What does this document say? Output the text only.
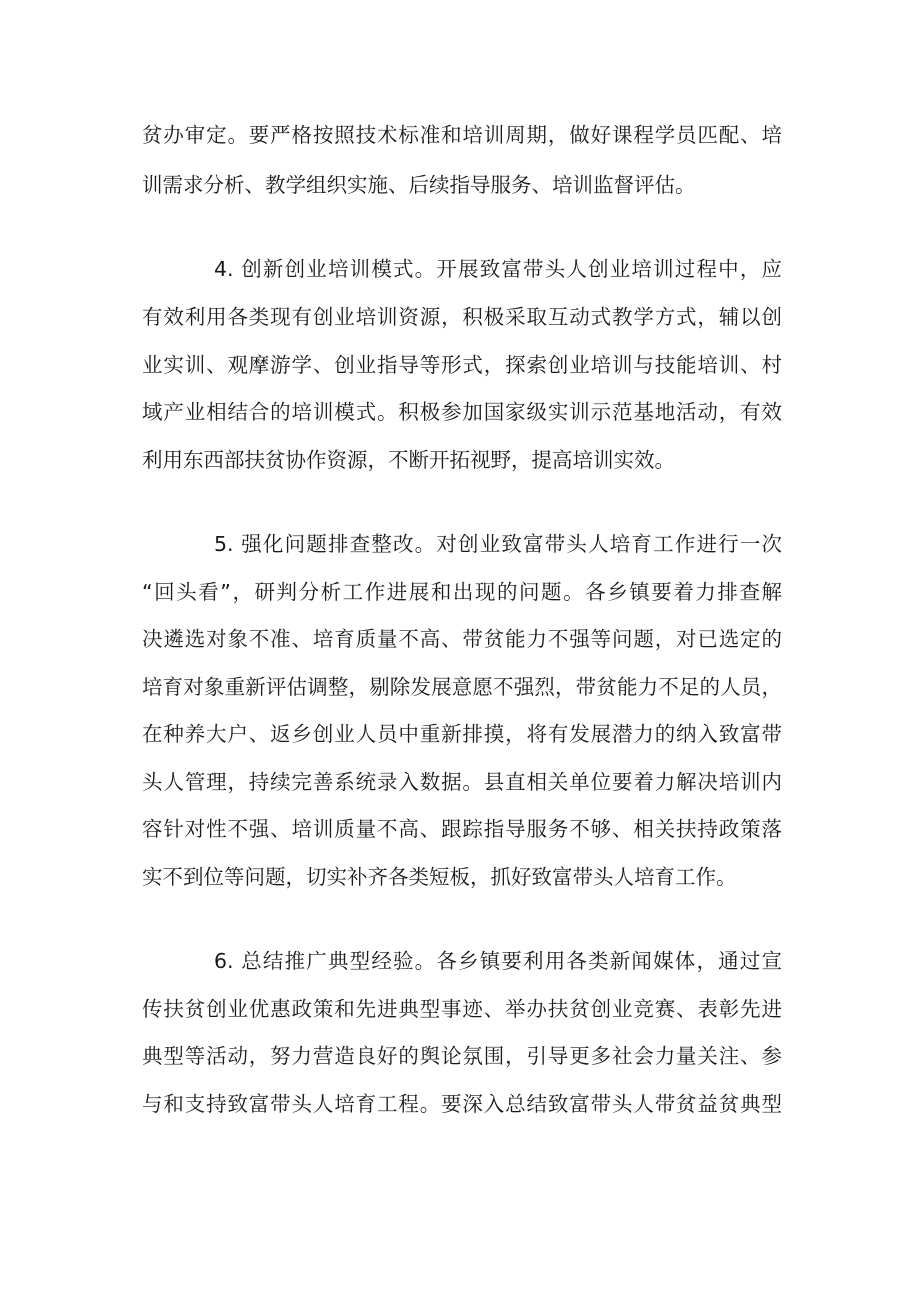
贫办审定。要严格按照技术标准和培训周期，做好课程学员匹配、培
训需求分析、教学组织实施、后续指导服务、培训监督评估。
4. 创新创业培训模式。开展致富带头人创业培训过程中，应
有效利用各类现有创业培训资源，积极采取互动式教学方式，辅以创
业实训、观摩游学、创业指导等形式，探索创业培训与技能培训、村
域产业相结合的培训模式。积极参加国家级实训示范基地活动，有效
利用东西部扶贫协作资源，不断开拓视野，提高培训实效。
5. 强化问题排查整改。对创业致富带头人培育工作进行一次
“回头看”，研判分析工作进展和出现的问题。各乡镇要着力排查解
决遴选对象不准、培育质量不高、带贫能力不强等问题，对已选定的
培育对象重新评估调整，剔除发展意愿不强烈，带贫能力不足的人员，
在种养大户、返乡创业人员中重新排摸，将有发展潜力的纳入致富带
头人管理，持续完善系统录入数据。县直相关单位要着力解决培训内
容针对性不强、培训质量不高、跟踪指导服务不够、相关扶持政策落
实不到位等问题，切实补齐各类短板，抓好致富带头人培育工作。
6. 总结推广典型经验。各乡镇要利用各类新闻媒体，通过宣
传扶贫创业优惠政策和先进典型事迹、举办扶贫创业竞赛、表彰先进
典型等活动，努力营造良好的舆论氛围，引导更多社会力量关注、参
与和支持致富带头人培育工程。要深入总结致富带头人带贫益贫典型
